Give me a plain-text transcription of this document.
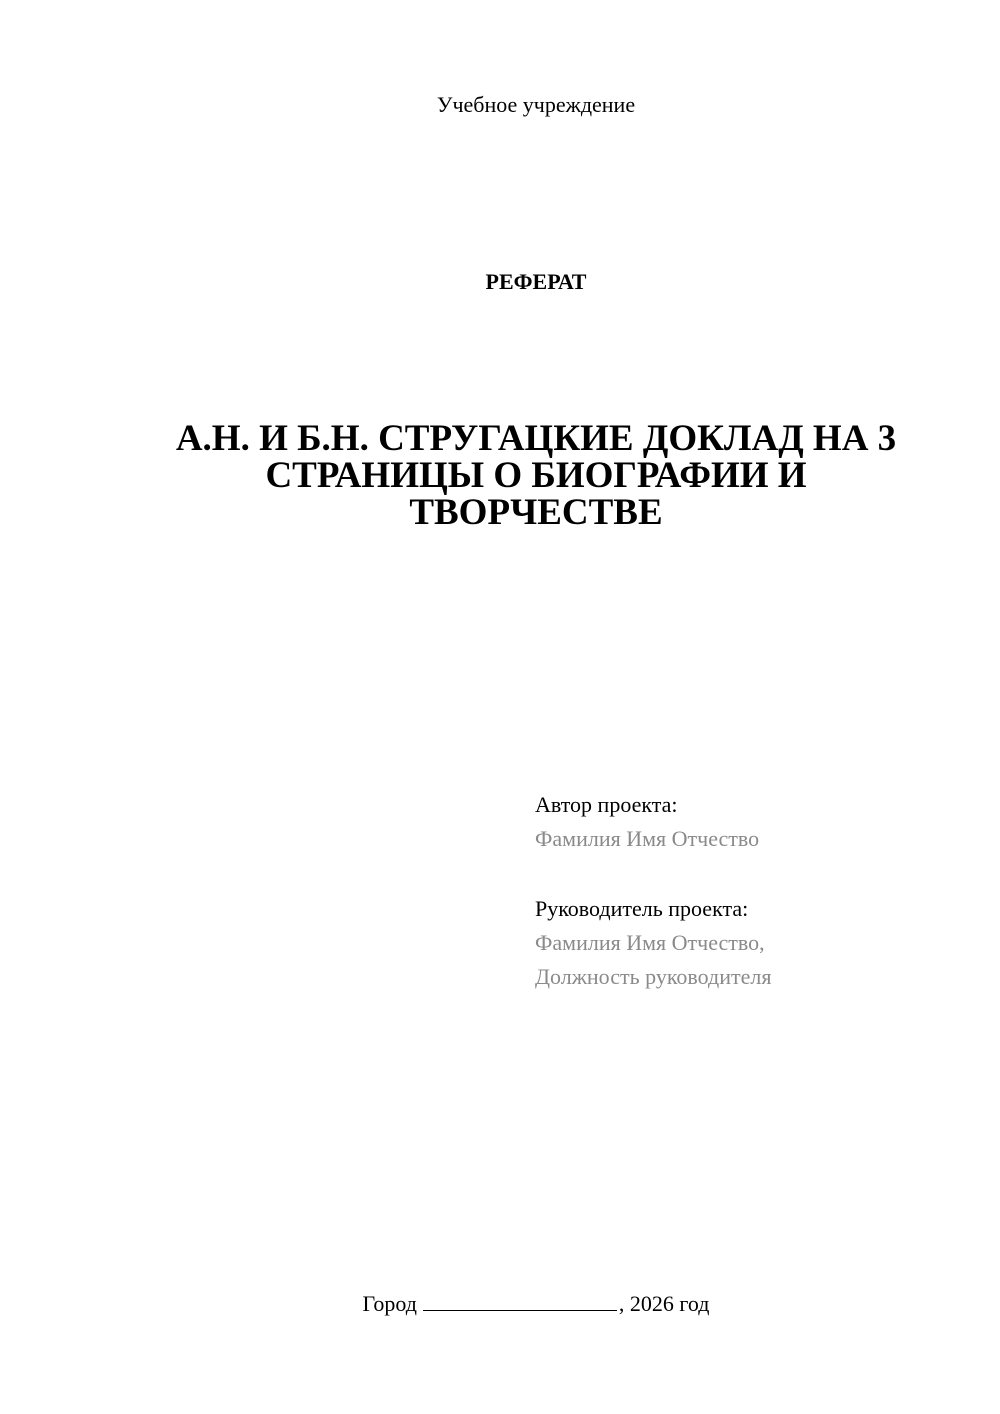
Учебное учреждение
РЕФЕРАТ
А.Н. И Б.Н. СТРУГАЦКИЕ ДОКЛАД НА 3
СТРАНИЦЫ О БИОГРАФИИ И
ТВОРЧЕСТВЕ
Автор проекта:
Фамилия Имя Отчество
Руководитель проекта:
Фамилия Имя Отчество,
Должность руководителя
Город	, 2026 год
